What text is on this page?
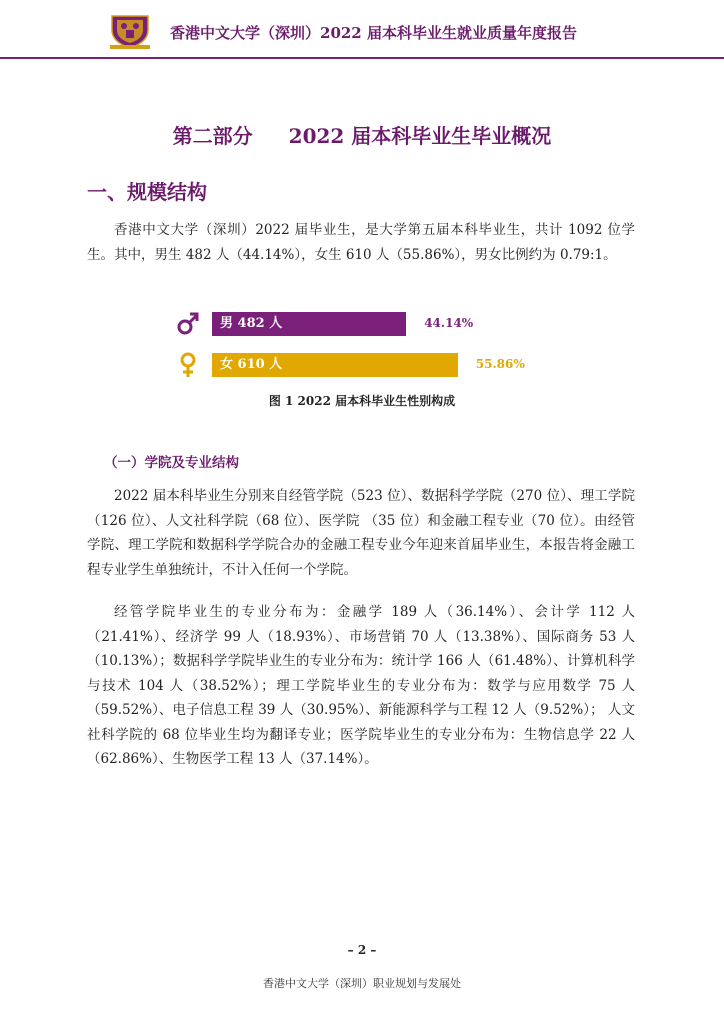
香港中文大学（深圳）2022 届本科毕业生就业质量年度报告
第二部分 2022 届本科毕业生毕业概况
一、规模结构
香港中文大学（深圳）2022 届毕业生，是大学第五届本科毕业生，共计 1092 位学生。其中，男生 482 人（44.14%），女生 610 人（55.86%），男女比例约为 0.79:1。
男 482 人	44.14%
女 610 人	55.86%
图 1 2022 届本科毕业生性别构成
（一）学院及专业结构
2022 届本科毕业生分别来自经管学院（523 位）、数据科学学院（270 位）、理工学院（126 位）、人文社科学院（68 位）、医学院 （35 位）和金融工程专业（70 位）。由经管学院、理工学院和数据科学学院合办的金融工程专业今年迎来首届毕业生，本报告将金融工程专业学生单独统计，不计入任何一个学院。
经管学院毕业生的专业分布为：金融学 189 人（36.14%）、会计学 112 人（21.41%）、经济学 99 人（18.93%）、市场营销 70 人（13.38%）、国际商务 53 人（10.13%）；数据科学学院毕业生的专业分布为：统计学 166 人（61.48%）、计算机科学与技术 104 人（38.52%）；理工学院毕业生的专业分布为：数学与应用数学 75 人（59.52%）、电子信息工程 39 人（30.95%）、新能源科学与工程 12 人（9.52%）； 人文社科学院的 68 位毕业生均为翻译专业；医学院毕业生的专业分布为：生物信息学 22 人（62.86%）、生物医学工程 13 人（37.14%）。
– 2 –
香港中文大学（深圳）职业规划与发展处
